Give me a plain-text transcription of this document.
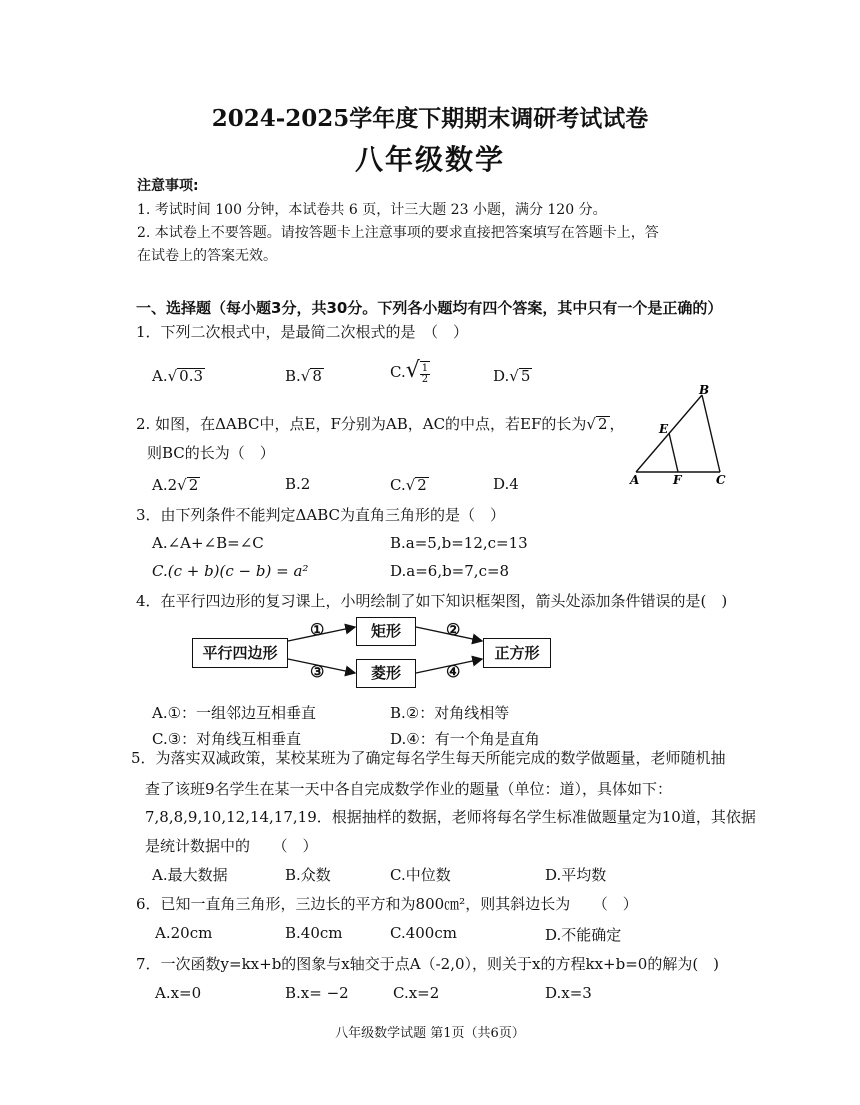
2024-2025学年度下期期末调研考试试卷
八年级数学
注意事项:
1. 考试时间 100 分钟，本试卷共 6 页，计三大题 23 小题，满分 120 分。
2. 本试卷上不要答题。请按答题卡上注意事项的要求直接把答案填写在答题卡上，答
在试卷上的答案无效。
一、选择题（每小题3分，共30分。下列各小题均有四个答案，其中只有一个是正确的）
1．下列二次根式中，是最简二次根式的是　（　）
A.√ 0.3	B.√ 8	$C.√ \frac{1}{2}$	D.√ 5
2. 如图，在ΔABC中，点E，F分别为AB，AC的中点，若EF的长为√ 2 ，
则BC的长为（　）
A.2√ 2	B.2	C.√ 2	D.4
B
E
A	F	C
3．由下列条件不能判定ΔABC为直角三角形的是（　）
A.∠A+∠B=∠C	B.a=5,b=12,c=13
C.(c + b)(c − b) = a²	D.a=6,b=7,c=8
4．在平行四边形的复习课上，小明绘制了如下知识框架图，箭头处添加条件错误的是(　)
平行四边形
矩形
菱形
正方形
①	②
③	④
A.①：一组邻边互相垂直	B.②：对角线相等
C.③：对角线互相垂直	D.④：有一个角是直角
5．为落实双减政策，某校某班为了确定每名学生每天所能完成的数学做题量，老师随机抽
查了该班9名学生在某一天中各自完成数学作业的题量（单位：道），具体如下：
7,8,8,9,10,12,14,17,19．根据抽样的数据，老师将每名学生标准做题量定为10道，其依据
是统计数据中的　　（　）
A.最大数据	B.众数	C.中位数	D.平均数
6．已知一直角三角形，三边长的平方和为800㎝²，则其斜边长为　　（　）
A.20cm	B.40cm	C.400cm	D.不能确定
7．一次函数y=kx+b的图象与x轴交于点A（-2,0），则关于x的方程kx+b=0的解为(　)
A.x=0	B.x= −2	C.x=2	D.x=3
八年级数学试题 第1页（共6页）
